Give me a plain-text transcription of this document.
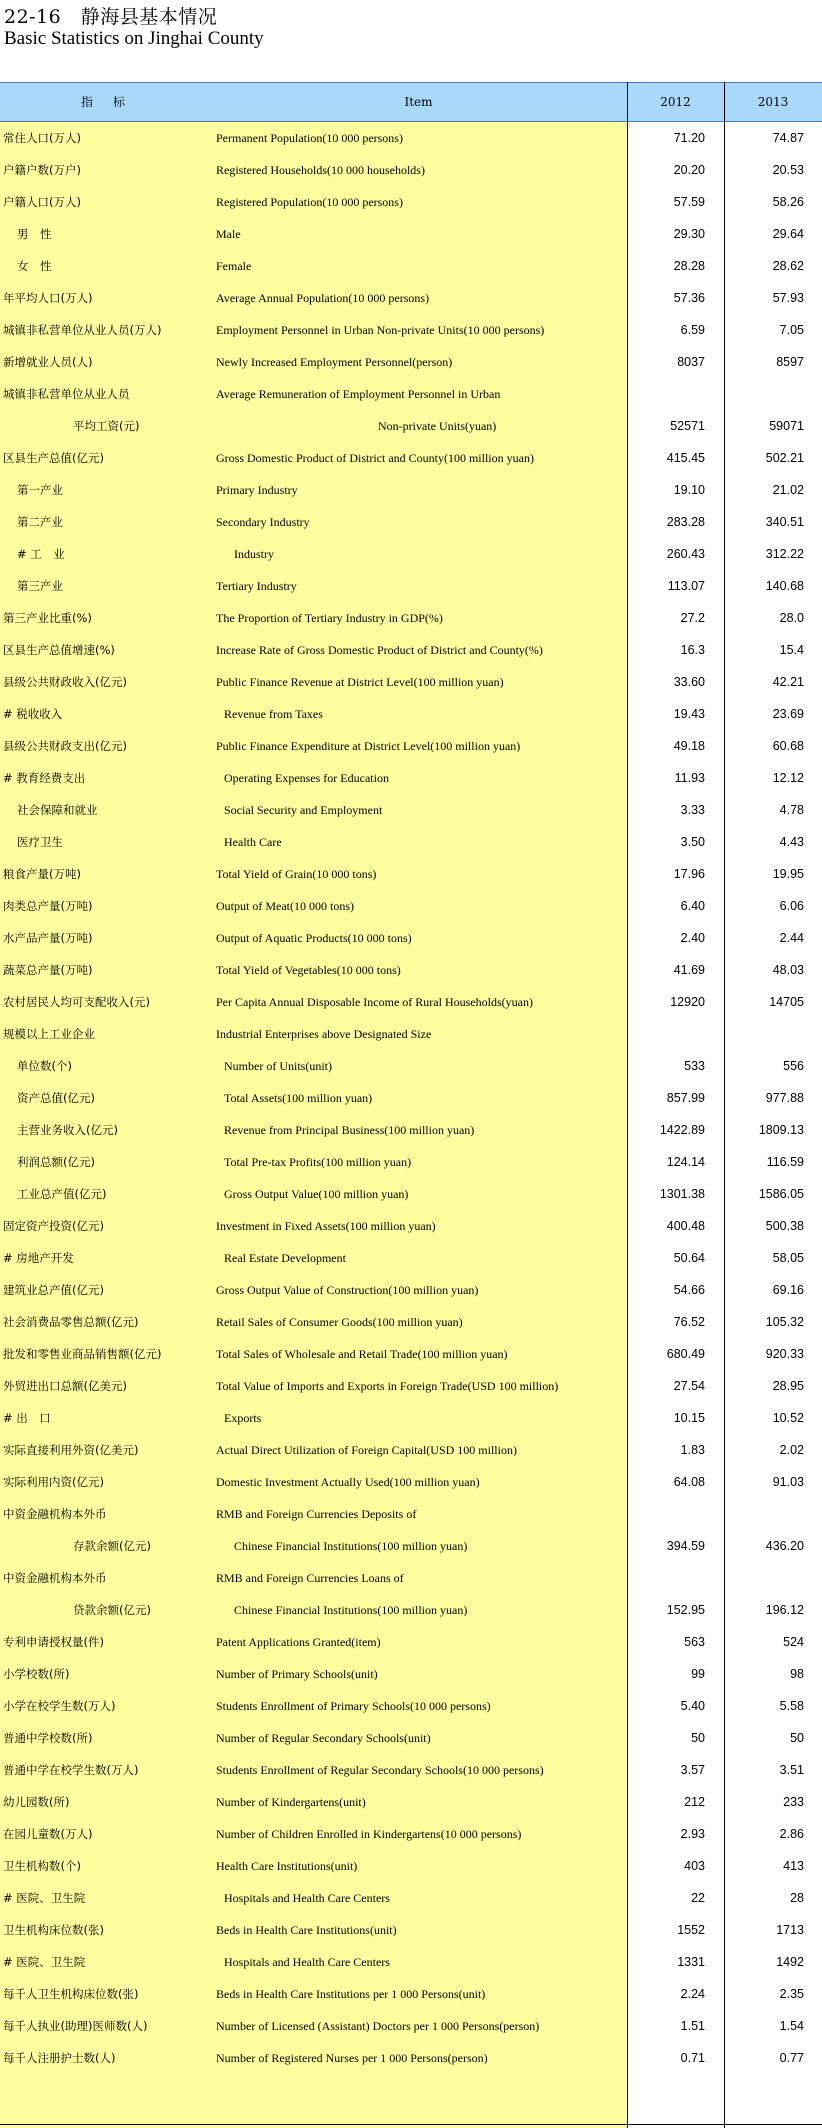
22-16　静海县基本情况
Basic Statistics on Jinghai County
指　标	Item	2012	2013
常住人口(万人)	Permanent Population(10 000 persons)	71.20	74.87
户籍户数(万户)	Registered Households(10 000 households)	20.20	20.53
户籍人口(万人)	Registered Population(10 000 persons)	57.59	58.26
男　性	Male	29.30	29.64
女　性	Female	28.28	28.62
年平均人口(万人)	Average Annual Population(10 000 persons)	57.36	57.93
城镇非私营单位从业人员(万人)	Employment Personnel in Urban Non-private Units(10 000 persons)	6.59	7.05
新增就业人员(人)	Newly Increased Employment Personnel(person)	8037	8597
城镇非私营单位从业人员	Average Remuneration of Employment Personnel in Urban
平均工资(元)	Non-private Units(yuan)	52571	59071
区县生产总值(亿元)	Gross Domestic Product of District and County(100 million yuan)	415.45	502.21
第一产业	Primary Industry	19.10	21.02
第二产业	Secondary Industry	283.28	340.51
# 工　业	Industry	260.43	312.22
第三产业	Tertiary Industry	113.07	140.68
第三产业比重(%)	The Proportion of Tertiary Industry in GDP(%)	27.2	28.0
区县生产总值增速(%)	Increase Rate of Gross Domestic Product of District and County(%)	16.3	15.4
县级公共财政收入(亿元)	Public Finance Revenue at District Level(100 million yuan)	33.60	42.21
# 税收收入	Revenue from Taxes	19.43	23.69
县级公共财政支出(亿元)	Public Finance Expenditure at District Level(100 million yuan)	49.18	60.68
# 教育经费支出	Operating Expenses for Education	11.93	12.12
社会保障和就业	Social Security and Employment	3.33	4.78
医疗卫生	Health Care	3.50	4.43
粮食产量(万吨)	Total Yield of Grain(10 000 tons)	17.96	19.95
肉类总产量(万吨)	Output of Meat(10 000 tons)	6.40	6.06
水产品产量(万吨)	Output of Aquatic Products(10 000 tons)	2.40	2.44
蔬菜总产量(万吨)	Total Yield of Vegetables(10 000 tons)	41.69	48.03
农村居民人均可支配收入(元)	Per Capita Annual Disposable Income of Rural Households(yuan)	12920	14705
规模以上工业企业	Industrial Enterprises above Designated Size
单位数(个)	Number of Units(unit)	533	556
资产总值(亿元)	Total Assets(100 million yuan)	857.99	977.88
主营业务收入(亿元)	Revenue from Principal Business(100 million yuan)	1422.89	1809.13
利润总额(亿元)	Total Pre-tax Profits(100 million yuan)	124.14	116.59
工业总产值(亿元)	Gross Output Value(100 million yuan)	1301.38	1586.05
固定资产投资(亿元)	Investment in Fixed Assets(100 million yuan)	400.48	500.38
# 房地产开发	Real Estate Development	50.64	58.05
建筑业总产值(亿元)	Gross Output Value of Construction(100 million yuan)	54.66	69.16
社会消费品零售总额(亿元)	Retail Sales of Consumer Goods(100 million yuan)	76.52	105.32
批发和零售业商品销售额(亿元)	Total Sales of Wholesale and Retail Trade(100 million yuan)	680.49	920.33
外贸进出口总额(亿美元)	Total Value of Imports and Exports in Foreign Trade(USD 100 million)	27.54	28.95
# 出　口	Exports	10.15	10.52
实际直接利用外资(亿美元)	Actual Direct Utilization of Foreign Capital(USD 100 million)	1.83	2.02
实际利用内资(亿元)	Domestic Investment Actually Used(100 million yuan)	64.08	91.03
中资金融机构本外币	RMB and Foreign Currencies Deposits of
存款余额(亿元)	Chinese Financial Institutions(100 million yuan)	394.59	436.20
中资金融机构本外币	RMB and Foreign Currencies Loans of
贷款余额(亿元)	Chinese Financial Institutions(100 million yuan)	152.95	196.12
专利申请授权量(件)	Patent Applications Granted(item)	563	524
小学校数(所)	Number of Primary Schools(unit)	99	98
小学在校学生数(万人)	Students Enrollment of Primary Schools(10 000 persons)	5.40	5.58
普通中学校数(所)	Number of Regular Secondary Schools(unit)	50	50
普通中学在校学生数(万人)	Students Enrollment of Regular Secondary Schools(10 000 persons)	3.57	3.51
幼儿园数(所)	Number of Kindergartens(unit)	212	233
在园儿童数(万人)	Number of Children Enrolled in Kindergartens(10 000 persons)	2.93	2.86
卫生机构数(个)	Health Care Institutions(unit)	403	413
# 医院、卫生院	Hospitals and Health Care Centers	22	28
卫生机构床位数(张)	Beds in Health Care Institutions(unit)	1552	1713
# 医院、卫生院	Hospitals and Health Care Centers	1331	1492
每千人卫生机构床位数(张)	Beds in Health Care Institutions per 1 000 Persons(unit)	2.24	2.35
每千人执业(助理)医师数(人)	Number of Licensed (Assistant) Doctors per 1 000 Persons(person)	1.51	1.54
每千人注册护士数(人)	Number of Registered Nurses per 1 000 Persons(person)	0.71	0.77
